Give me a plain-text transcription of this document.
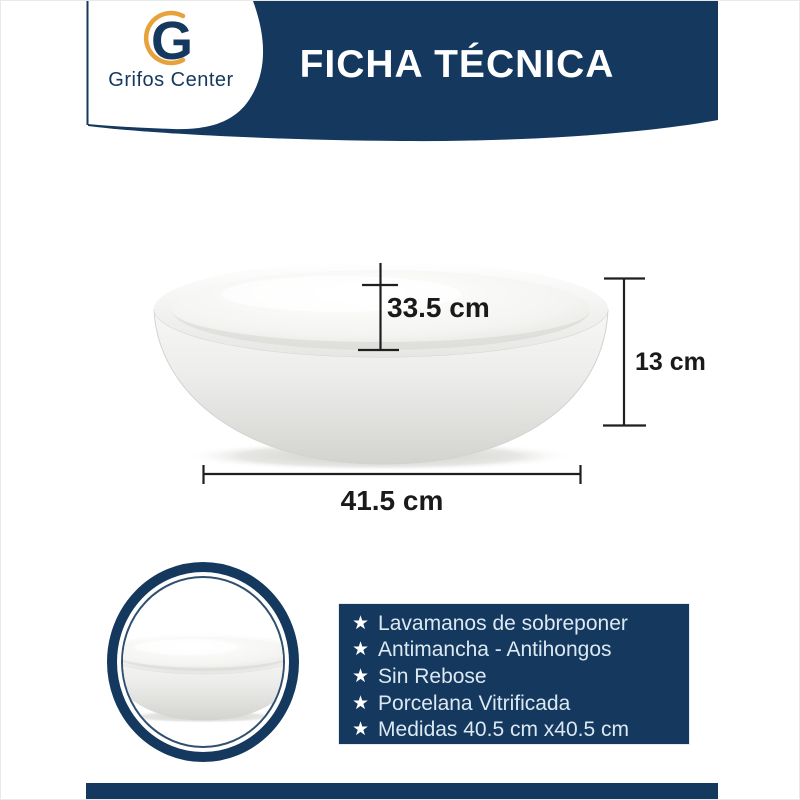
G
Grifos Center	FICHA TÉCNICA
33.5 cm
13 cm
41.5 cm
★ Lavamanos de sobreponer
★ Antimancha - Antihongos
★ Sin Rebose
★ Porcelana Vitrificada
★ Medidas 40.5 cm x40.5 cm
